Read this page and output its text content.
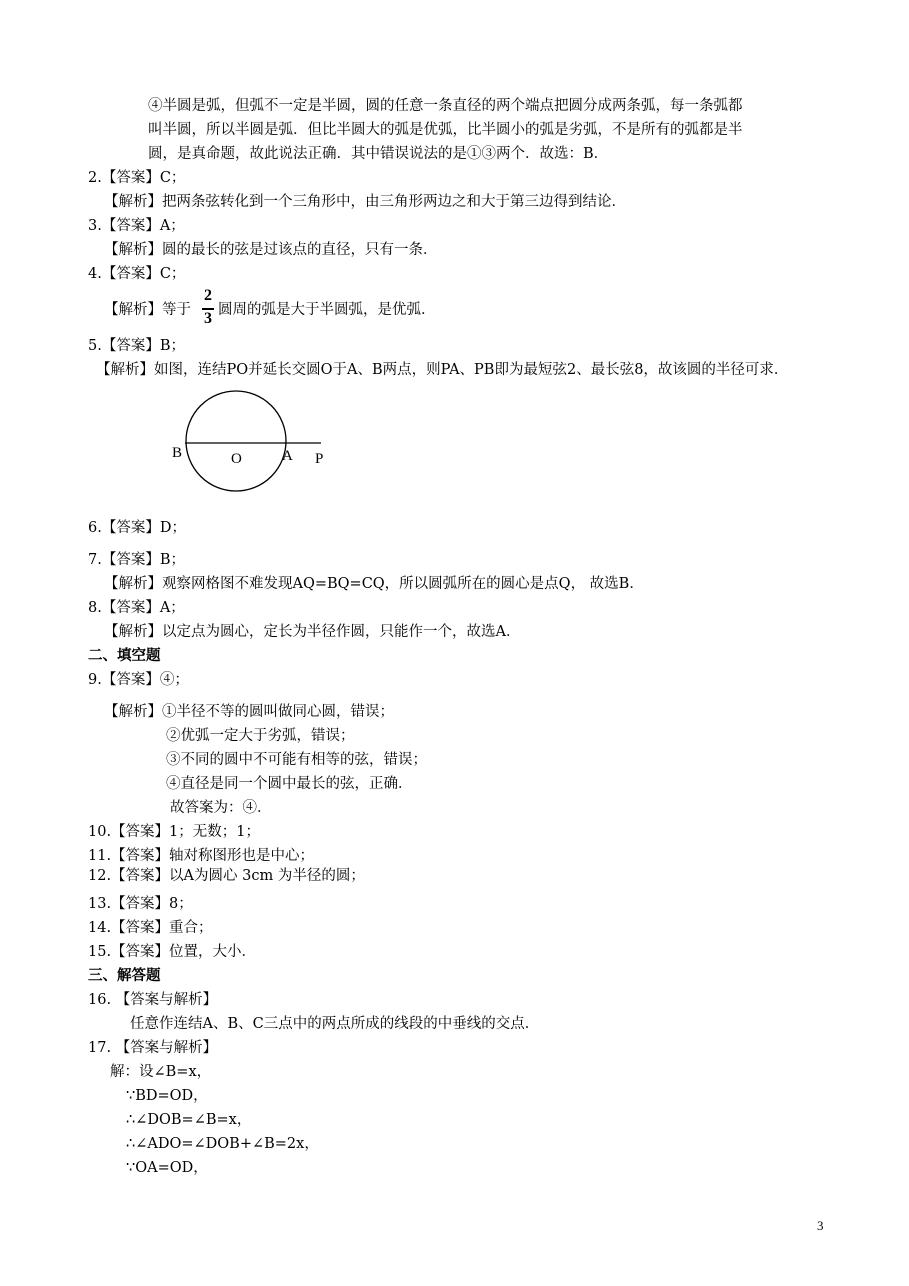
④半圆是弧，但弧不一定是半圆，圆的任意一条直径的两个端点把圆分成两条弧，每一条弧都
叫半圆，所以半圆是弧．但比半圆大的弧是优弧，比半圆小的弧是劣弧，不是所有的弧都是半
圆，是真命题，故此说法正确．其中错误说法的是①③两个．故选：B．
2.【答案】C；
【解析】把两条弦转化到一个三角形中，由三角形两边之和大于第三边得到结论．
3.【答案】A；
【解析】圆的最长的弦是过该点的直径，只有一条．
4.【答案】C；
【解析】等于 圆周的弧是大于半圆弧，是优弧．
5.【答案】B；
【解析】如图，连结PO并延长交圆O于A、B两点，则PA、PB即为最短弦2、最长弦8，故该圆的半径可求．
6.【答案】D；
7.【答案】B；
【解析】观察网格图不难发现AQ=BQ=CQ，所以圆弧所在的圆心是点Q， 故选B．
8.【答案】A；
【解析】以定点为圆心，定长为半径作圆，只能作一个，故选A．
二、填空题
9.【答案】④；
【解析】①半径不等的圆叫做同心圆，错误；
②优弧一定大于劣弧，错误；
③不同的圆中不可能有相等的弦，错误；
④直径是同一个圆中最长的弦，正确．
故答案为：④．
10.【答案】1；无数；1；
11.【答案】轴对称图形也是中心；
12.【答案】以A为圆心 3cm 为半径的圆；
13.【答案】8；
14.【答案】重合；
15.【答案】位置，大小．
三、解答题
16. 【答案与解析】
任意作连结A、B、C三点中的两点所成的线段的中垂线的交点．
17. 【答案与解析】
解：设∠B=x，
∵BD=OD，
∴∠DOB=∠B=x，
∴∠ADO=∠DOB+∠B=2x，
∵OA=OD，
2
3
B	O	A P
3
